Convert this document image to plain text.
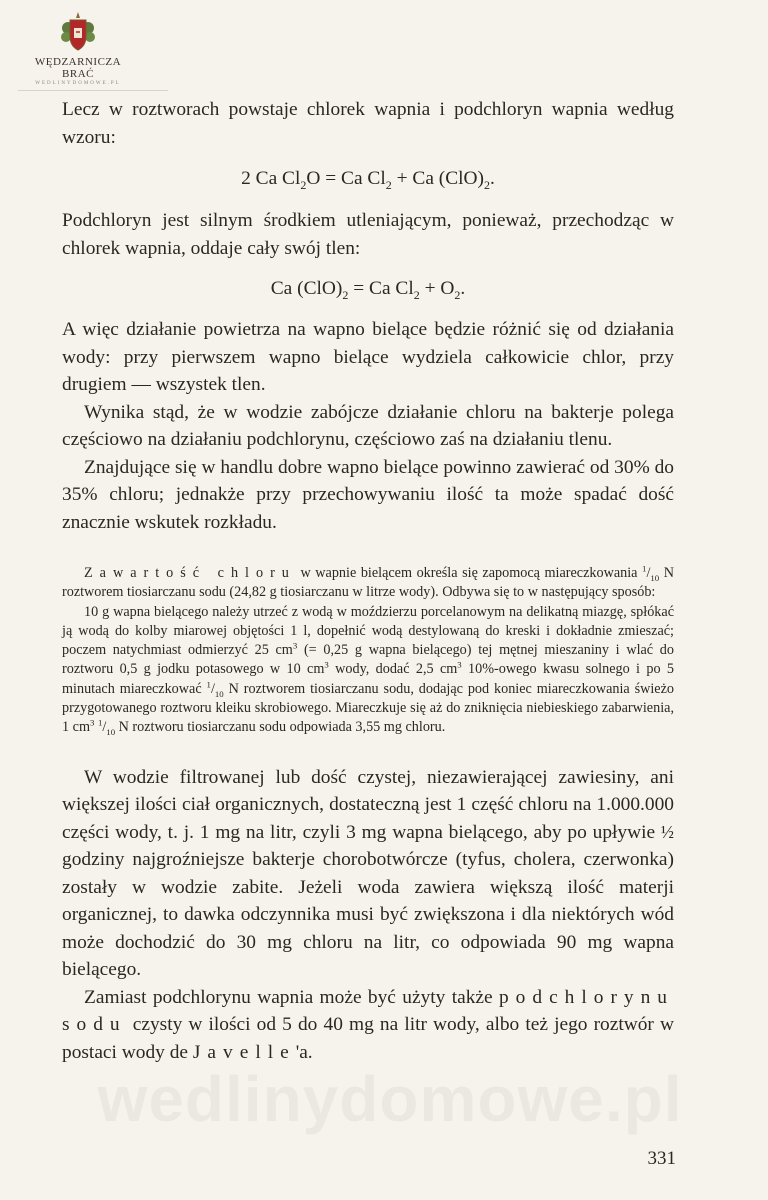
WĘDZARNICZA BRAĆ
WEDLINYDOMOWE.PL

Lecz w roztworach powstaje chlorek wapnia i podchloryn wapnia według wzoru:

2 Ca $Cl_2O = Ca$ $Cl_2 + Ca$ $(ClO)_2$.

Podchloryn jest silnym środkiem utleniającym, ponieważ, przechodząc w chlorek wapnia, oddaje cały swój tlen:

Ca $(ClO)_2 = Ca$ $Cl_2 + O_2$.

A więc działanie powietrza na wapno bielące będzie różnić się od działania wody: przy pierwszem wapno bielące wydziela całkowicie chlor, przy drugiem — wszystek tlen.

Wynika stąd, że w wodzie zabójcze działanie chloru na bakterje polega częściowo na działaniu podchlorynu, częściowo zaś na działaniu tlenu.

Znajdujące się w handlu dobre wapno bielące powinno zawierać od 30% do 35% chloru; jednakże przy przechowywaniu ilość ta może spadać dość znacznie wskutek rozkładu.

Zawartość chloru w wapnie bielącem określa się zapomocą miareczkowania $^1/_{10}$ N roztworem tiosiarczanu sodu (24,82 g tiosiarczanu w litrze wody). Odbywa się to w następujący sposób:

10 g wapna bielącego należy utrzeć z wodą w moździerzu porcelanowym na delikatną miazgę, spłókać ją wodą do kolby miarowej objętości 1 l, dopełnić wodą destylowaną do kreski i dokładnie zmieszać; poczem natychmiast odmierzyć 25 $cm^3$ (= 0,25 g wapna bielącego) tej mętnej mieszaniny i wlać do roztworu 0,5 g jodku potasowego w 10 $cm^3$ wody, dodać 2,5 $cm^3$ 10%-owego kwasu solnego i po 5 minutach miareczkować $^1/_{10}$ N roztworem tiosiarczanu sodu, dodając pod koniec miareczkowania świeżo przygotowanego roztworu kleiku skrobiowego. Miareczkuje się aż do zniknięcia niebieskiego zabarwienia, 1 $cm^3$ $^1/_{10}$ N roztworu tiosiarczanu sodu odpowiada 3,55 mg chloru.

W wodzie filtrowanej lub dość czystej, niezawierającej zawiesiny, ani większej ilości ciał organicznych, dostateczną jest 1 część chloru na 1.000.000 części wody, t. j. 1 mg na litr, czyli 3 mg wapna bielącego, aby po upływie ½ godziny najgroźniejsze bakterje chorobotwórcze (tyfus, cholera, czerwonka) zostały w wodzie zabite. Jeżeli woda zawiera większą ilość materji organicznej, to dawka odczynnika musi być zwiększona i dla niektórych wód może dochodzić do 30 mg chloru na litr, co odpowiada 90 mg wapna bielącego.

Zamiast podchlorynu wapnia może być użyty także podchlorynu sodu czysty w ilości od 5 do 40 mg na litr wody, albo też jego roztwór w postaci wody de Javelle'a.

331
